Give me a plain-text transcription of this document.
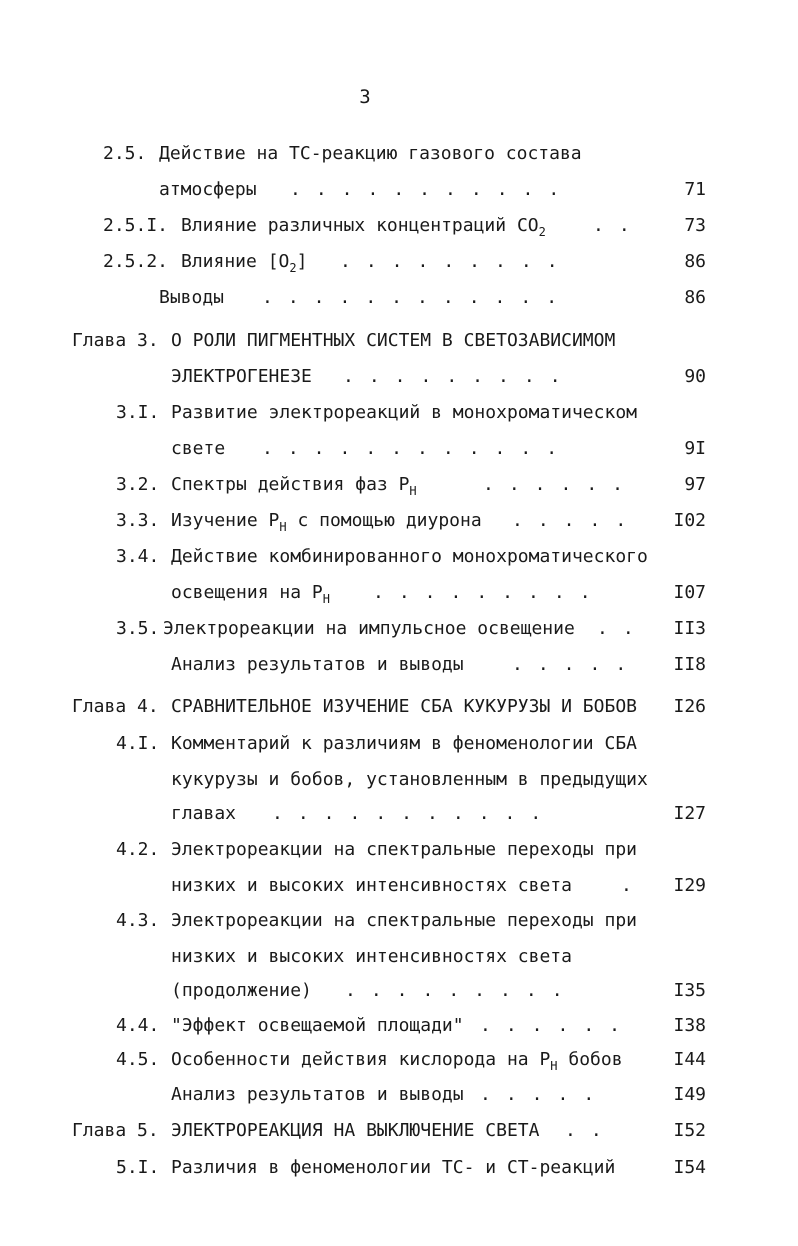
3
2.5. Действие на ТС-реакцию газового состава
атмосферы ...........	71
2.5.I. Влияние различных концентраций $CO_2$	..	73
2.5.2. Влияние $[O_2]$ .........	86
Выводы ............	86
Глава 3. О РОЛИ ПИГМЕНТНЫХ СИСТЕМ В СВЕТОЗАВИСИМОМ
ЭЛЕКТРОГЕНЕЗЕ .........	90
3.I. Развитие электрореакций в монохроматическом
свете ............	9I
3.2. Спектры действия фаз $P_H$	......	97
3.3. Изучение $P_H$ с помощью диурона .....	I02
3.4. Действие комбинированного монохроматического
освещения на $P_H$ .........	I07
3.5. Электрореакции на импульсное освещение ..	II3
Анализ результатов и выводы	.....	II8
Глава 4. СРАВНИТЕЛЬНОЕ ИЗУЧЕНИЕ СБА КУКУРУЗЫ И БОБОВ	I26
4.I. Комментарий к различиям в феноменологии СБА
кукурузы и бобов, установленным в предыдущих
главах ...........	I27
4.2. Электрореакции на спектральные переходы при
низких и высоких интенсивностях света	.	I29
4.3. Электрореакции на спектральные переходы при
низких и высоких интенсивностях света
(продолжение) .........	I35
4.4. "Эффект освещаемой площади" ......	I38
4.5. Особенности действия кислорода на $P_H$ бобов	I44
Анализ результатов и выводы .....	I49
Глава 5. ЭЛЕКТРОРЕАКЦИЯ НА ВЫКЛЮЧЕНИЕ СВЕТА ..	I52
5.I. Различия в феноменологии ТС- и СТ-реакций	I54
